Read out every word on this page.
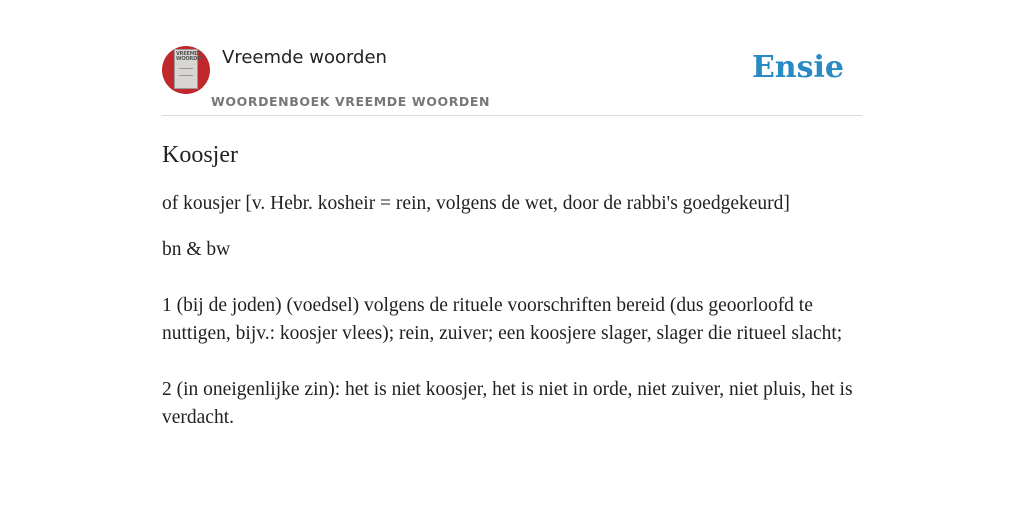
VREEMDE WOORDEN Vreemde woorden
WOORDENBOEK VREEMDE WOORDEN
Ensie
Koosjer

of kousjer [v. Hebr. kosheir = rein, volgens de wet, door de rabbi's goedgekeurd]

bn & bw

1 (bij de joden) (voedsel) volgens de rituele voorschriften bereid (dus geoorloofd te nuttigen, bijv.: koosjer vlees); rein, zuiver; een koosjere slager, slager die ritueel slacht;

2 (in oneigenlijke zin): het is niet koosjer, het is niet in orde, niet zuiver, niet pluis, het is verdacht.
